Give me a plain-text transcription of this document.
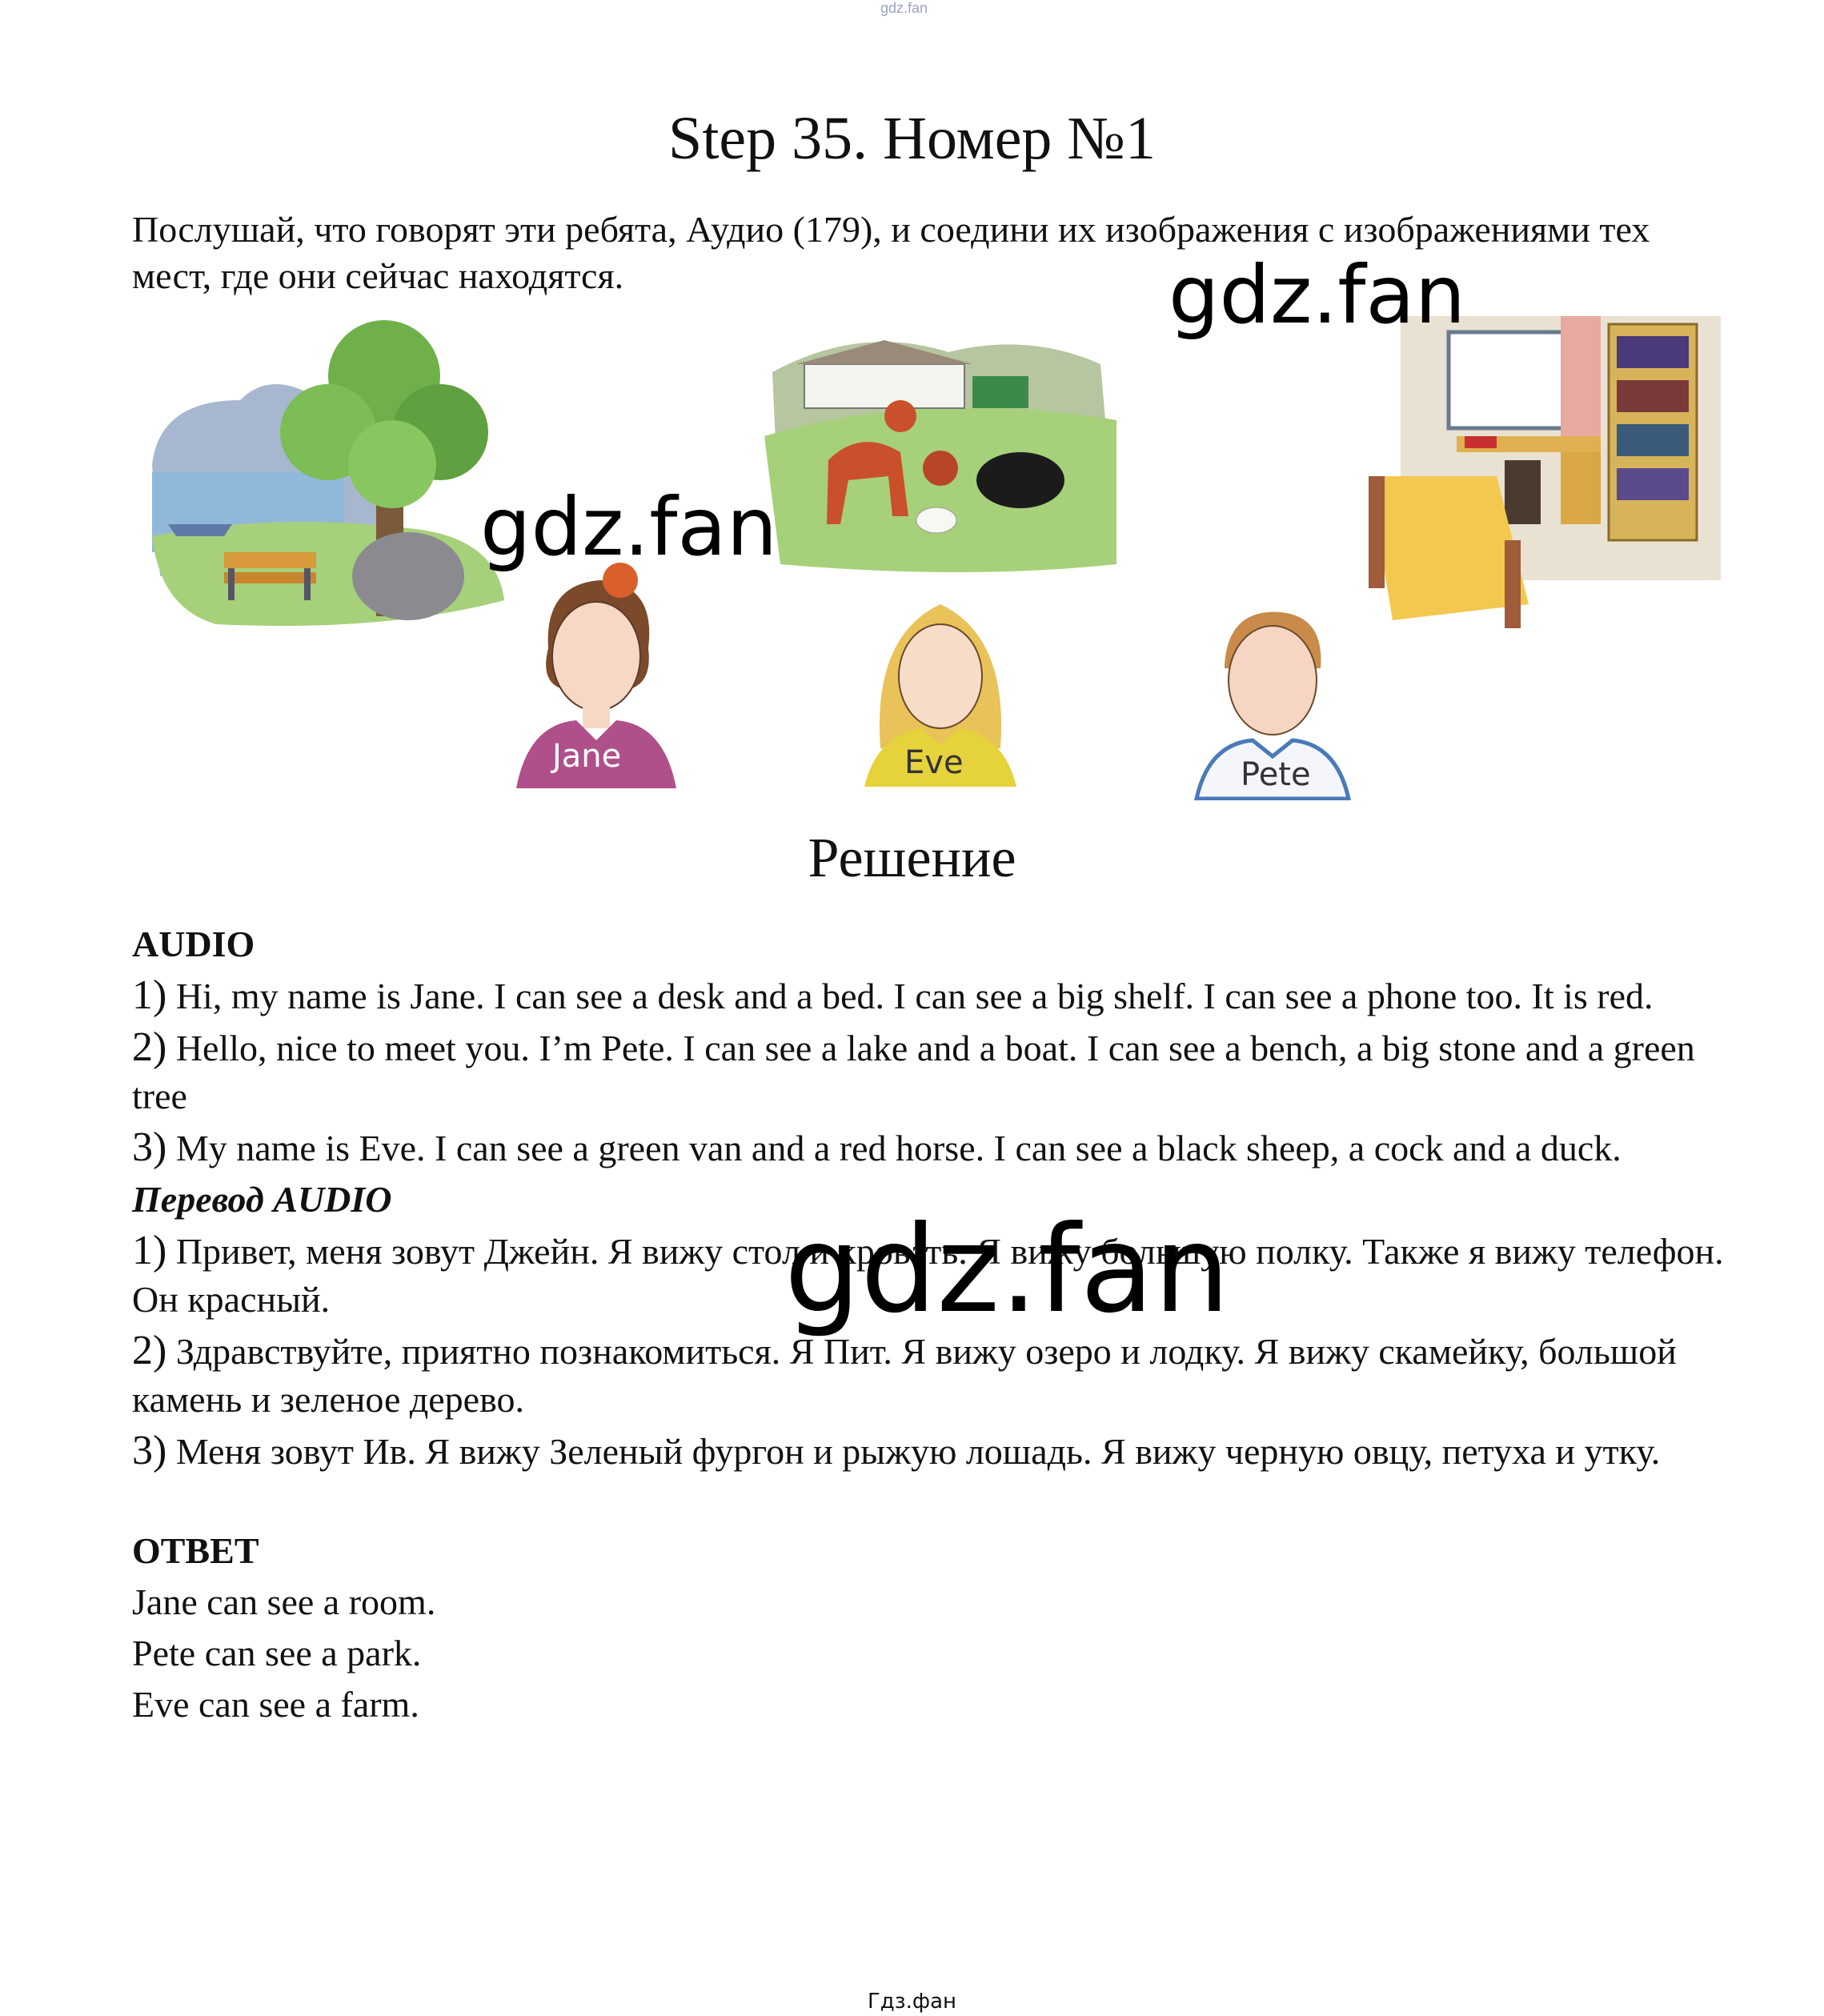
gdz.fan
Step 35. Номер №1
Послушай, что говорят эти ребята, Аудио (179), и соедини их изображения с изображениями тех мест, где они сейчас находятся.
Jane	Eve	Pete
gdz.fan
gdz.fan
Решение

AUDIO

1) Hi, my name is Jane. I can see a desk and a bed. I can see a big shelf. I can see a phone too. It is red.

2) Hello, nice to meet you. I’m Pete. I can see a lake and a boat. I can see a bench, a big stone and a green tree

3) My name is Eve. I can see a green van and a red horse. I can see a black sheep, a cock and a duck.

Перевод AUDIO

1) Привет, меня зовут Джейн. Я вижу стол и кровать. Я вижу большую полку. Также я вижу телефон. Он красный.

2) Здравствуйте, приятно познакомиться. Я Пит. Я вижу озеро и лодку. Я вижу скамейку, большой камень и зеленое дерево.

3) Меня зовут Ив. Я вижу Зеленый фургон и рыжую лошадь. Я вижу черную овцу, петуха и утку.

ОТВЕТ

Jane can see a room.

Pete can see a park.

Eve can see a farm.

gdz.fan
Гдз.фан
